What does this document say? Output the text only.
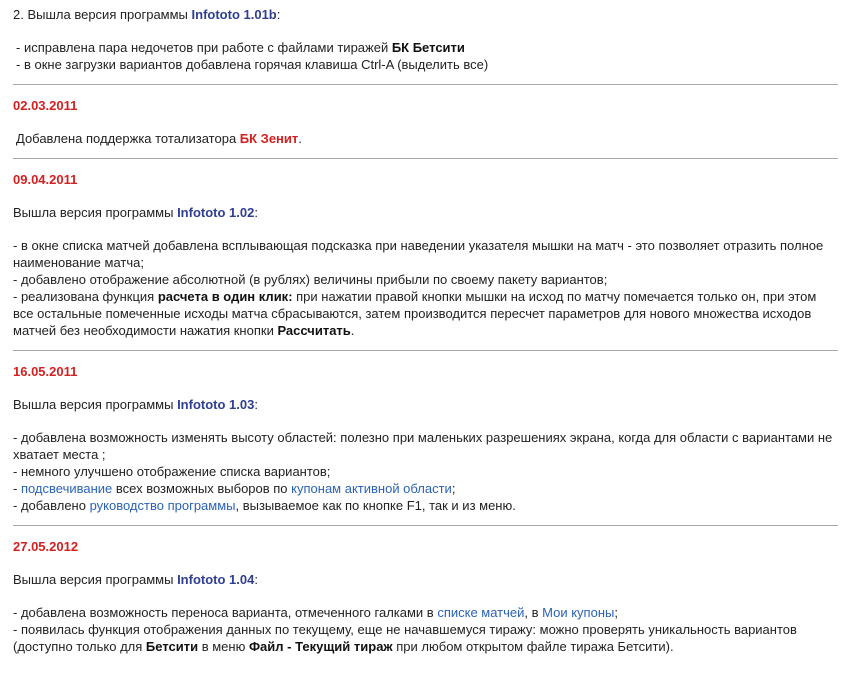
2. Вышла версия программы Infototo 1.01b:

- исправлена пара недочетов при работе с файлами тиражей БК Бетсити

- в окне загрузки вариантов добавлена горячая клавиша Ctrl-A (выделить все)

02.03.2011

Добавлена поддержка тотализатора БК Зенит.

09.04.2011

Вышла версия программы Infototo 1.02:

- в окне списка матчей добавлена всплывающая подсказка при наведении указателя мышки на матч - это позволяет отразить полное наименование матча;

- добавлено отображение абсолютной (в рублях) величины прибыли по своему пакету вариантов;

- реализована функция расчета в один клик: при нажатии правой кнопки мышки на исход по матчу помечается только он, при этом все остальные помеченные исходы матча сбрасываются, затем производится пересчет параметров для нового множества исходов матчей без необходимости нажатия кнопки Рассчитать.

16.05.2011

Вышла версия программы Infototo 1.03:

- добавлена возможность изменять высоту областей: полезно при маленьких разрешениях экрана, когда для области с вариантами не хватает места ;

- немного улучшено отображение списка вариантов;

- подсвечивание всех возможных выборов по купонам активной области;

- добавлено руководство программы, вызываемое как по кнопке F1, так и из меню.

27.05.2012

Вышла версия программы Infototo 1.04:

- добавлена возможность переноса варианта, отмеченного галками в списке матчей, в Мои купоны;

- появилась функция отображения данных по текущему, еще не начавшемуся тиражу: можно проверять уникальность вариантов (доступно только для Бетсити в меню Файл - Текущий тираж при любом открытом файле тиража Бетсити).
